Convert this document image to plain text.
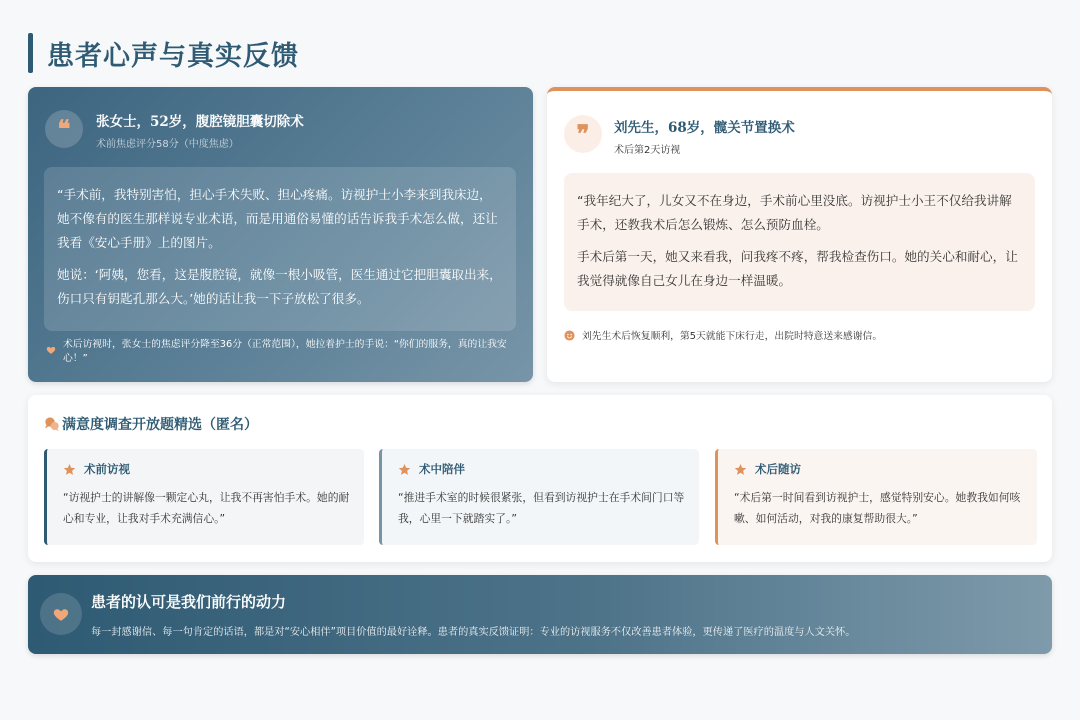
患者心声与真实反馈
❝ 张女士，52岁，腹腔镜胆囊切除术
术前焦虑评分58分（中度焦虑）

“手术前，我特别害怕，担心手术失败、担心疼痛。访视护士小李来到我床边，她不像有的医生那样说专业术语，而是用通俗易懂的话告诉我手术怎么做，还让我看《安心手册》上的图片。

她说：‘阿姨，您看，这是腹腔镜，就像一根小吸管，医生通过它把胆囊取出来，伤口只有钥匙孔那么大。’她的话让我一下子放松了很多。

术后访视时，张女士的焦虑评分降至36分（正常范围），她拉着护士的手说：“你们的服务，真的让我安心！”
❞ 刘先生，68岁，髋关节置换术
术后第2天访视

“我年纪大了，儿女又不在身边，手术前心里没底。访视护士小王不仅给我讲解手术，还教我术后怎么锻炼、怎么预防血栓。

手术后第一天，她又来看我，问我疼不疼，帮我检查伤口。她的关心和耐心，让我觉得就像自己女儿在身边一样温暖。

刘先生术后恢复顺利，第5天就能下床行走，出院时特意送来感谢信。
满意度调查开放题精选（匿名）
术前访视
“访视护士的讲解像一颗定心丸，让我不再害怕手术。她的耐心和专业，让我对手术充满信心。”
术中陪伴
“推进手术室的时候很紧张，但看到访视护士在手术间门口等我，心里一下就踏实了。”
术后随访
“术后第一时间看到访视护士，感觉特别安心。她教我如何咳嗽、如何活动，对我的康复帮助很大。”
患者的认可是我们前行的动力
每一封感谢信、每一句肯定的话语，都是对“安心相伴”项目价值的最好诠释。患者的真实反馈证明：专业的访视服务不仅改善患者体验，更传递了医疗的温度与人文关怀。
